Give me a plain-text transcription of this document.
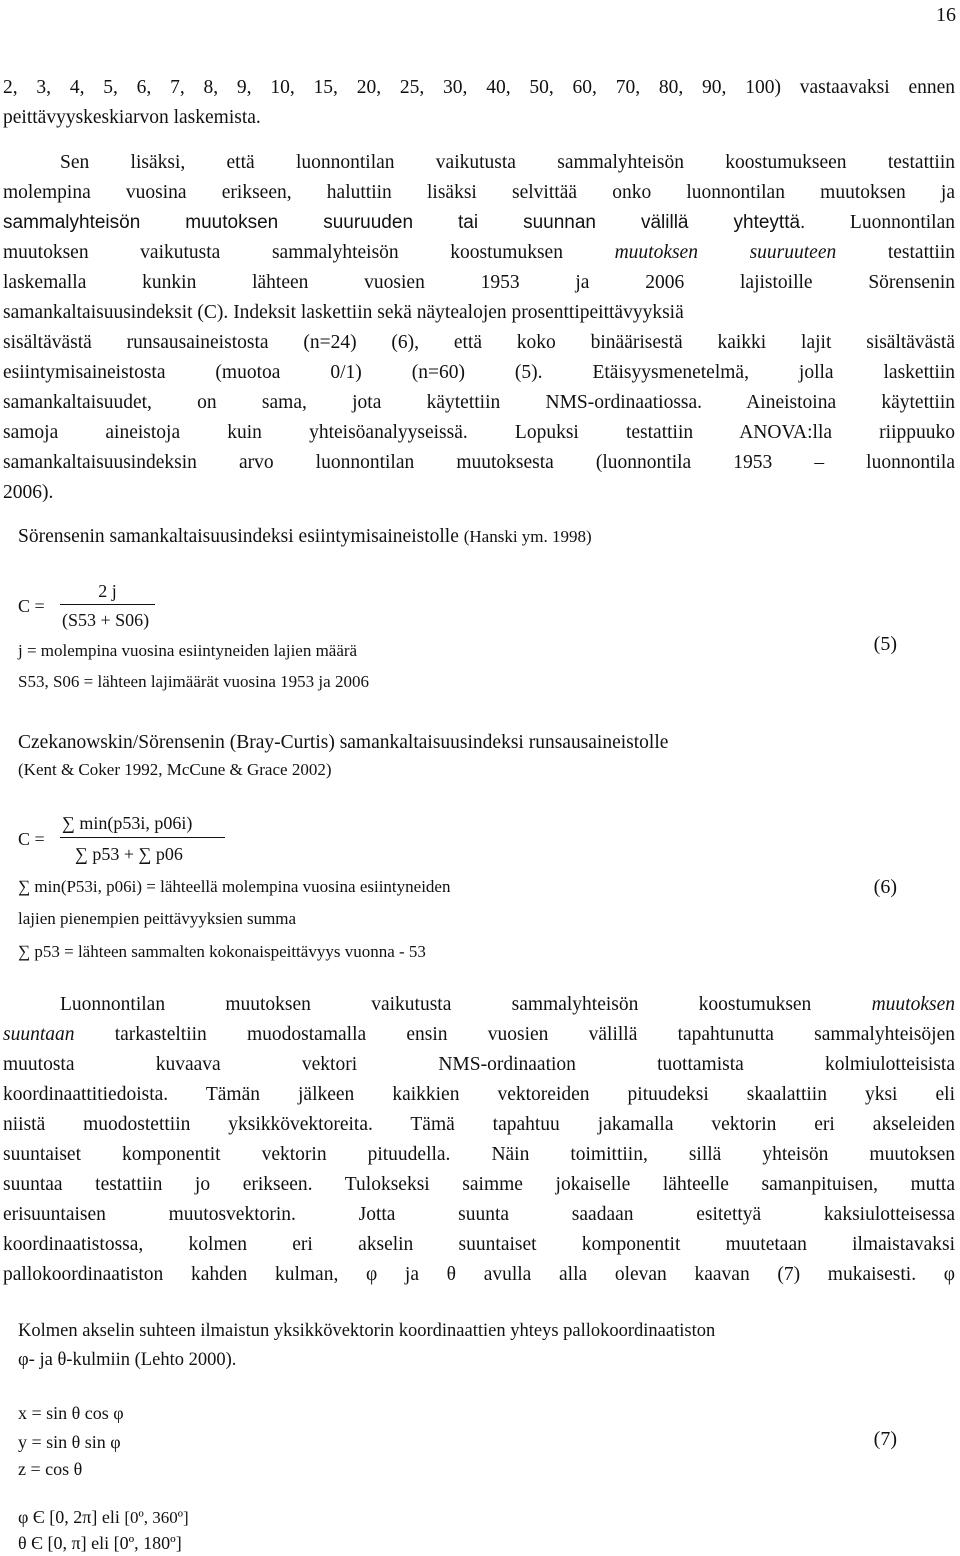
16
2, 3, 4, 5, 6, 7, 8, 9, 10, 15, 20, 25, 30, 40, 50, 60, 70, 80, 90, 100) vastaavaksi ennen
peittävyyskeskiarvon laskemista.
Sen lisäksi, että luonnontilan vaikutusta sammalyhteisön koostumukseen testattiin
molempina vuosina erikseen, haluttiin lisäksi selvittää onko luonnontilan muutoksen ja
sammalyhteisön muutoksen suuruuden tai suunnan välillä yhteyttä. Luonnontilan
muutoksen vaikutusta sammalyhteisön koostumuksen muutoksen suuruuteen testattiin
laskemalla kunkin lähteen vuosien 1953 ja 2006 lajistoille Sörensenin
samankaltaisuusindeksit (C). Indeksit laskettiin sekä näytealojen prosenttipeittävyyksiä
sisältävästä runsausaineistosta (n=24) (6), että koko binäärisestä kaikki lajit sisältävästä
esiintymisaineistosta (muotoa 0/1) (n=60) (5). Etäisyysmenetelmä, jolla laskettiin
samankaltaisuudet, on sama, jota käytettiin NMS-ordinaatiossa. Aineistoina käytettiin
samoja aineistoja kuin yhteisöanalyyseissä. Lopuksi testattiin ANOVA:lla riippuuko
samankaltaisuusindeksin arvo luonnontilan muutoksesta (luonnontila 1953 – luonnontila
2006).
Sörensenin samankaltaisuusindeksi esiintymisaineistolle (Hanski ym. 1998)
C =
2 j
(S53 + S06)
j = molempina vuosina esiintyneiden lajien määrä
S53, S06 = lähteen lajimäärät vuosina 1953 ja 2006
(5)
Czekanowskin/Sörensenin (Bray-Curtis) samankaltaisuusindeksi runsausaineistolle
(Kent & Coker 1992, McCune & Grace 2002)
C =
∑ min(p53i, p06i)
∑ p53 + ∑ p06
∑ min(P53i, p06i) = lähteellä molempina vuosina esiintyneiden
lajien pienempien peittävyyksien summa
∑ p53 = lähteen sammalten kokonaispeittävyys vuonna - 53
(6)
Luonnontilan muutoksen vaikutusta sammalyhteisön koostumuksen muutoksen
suuntaan tarkasteltiin muodostamalla ensin vuosien välillä tapahtunutta sammalyhteisöjen
muutosta kuvaava vektori NMS-ordinaation tuottamista kolmiulotteisista
koordinaattitiedoista. Tämän jälkeen kaikkien vektoreiden pituudeksi skaalattiin yksi eli
niistä muodostettiin yksikkövektoreita. Tämä tapahtuu jakamalla vektorin eri akseleiden
suuntaiset komponentit vektorin pituudella. Näin toimittiin, sillä yhteisön muutoksen
suuntaa testattiin jo erikseen. Tulokseksi saimme jokaiselle lähteelle samanpituisen, mutta
erisuuntaisen muutosvektorin. Jotta suunta saadaan esitettyä kaksiulotteisessa
koordinaatistossa, kolmen eri akselin suuntaiset komponentit muutetaan ilmaistavaksi
pallokoordinaatiston kahden kulman, φ ja θ avulla alla olevan kaavan (7) mukaisesti. φ
Kolmen akselin suhteen ilmaistun yksikkövektorin koordinaattien yhteys pallokoordinaatiston
φ- ja θ-kulmiin (Lehto 2000).
x = sin θ cos φ
y = sin θ sin φ
z = cos θ
(7)
φ Є [0, 2π] eli [0º, 360º]
θ Є [0, π] eli [0º, 180º]
